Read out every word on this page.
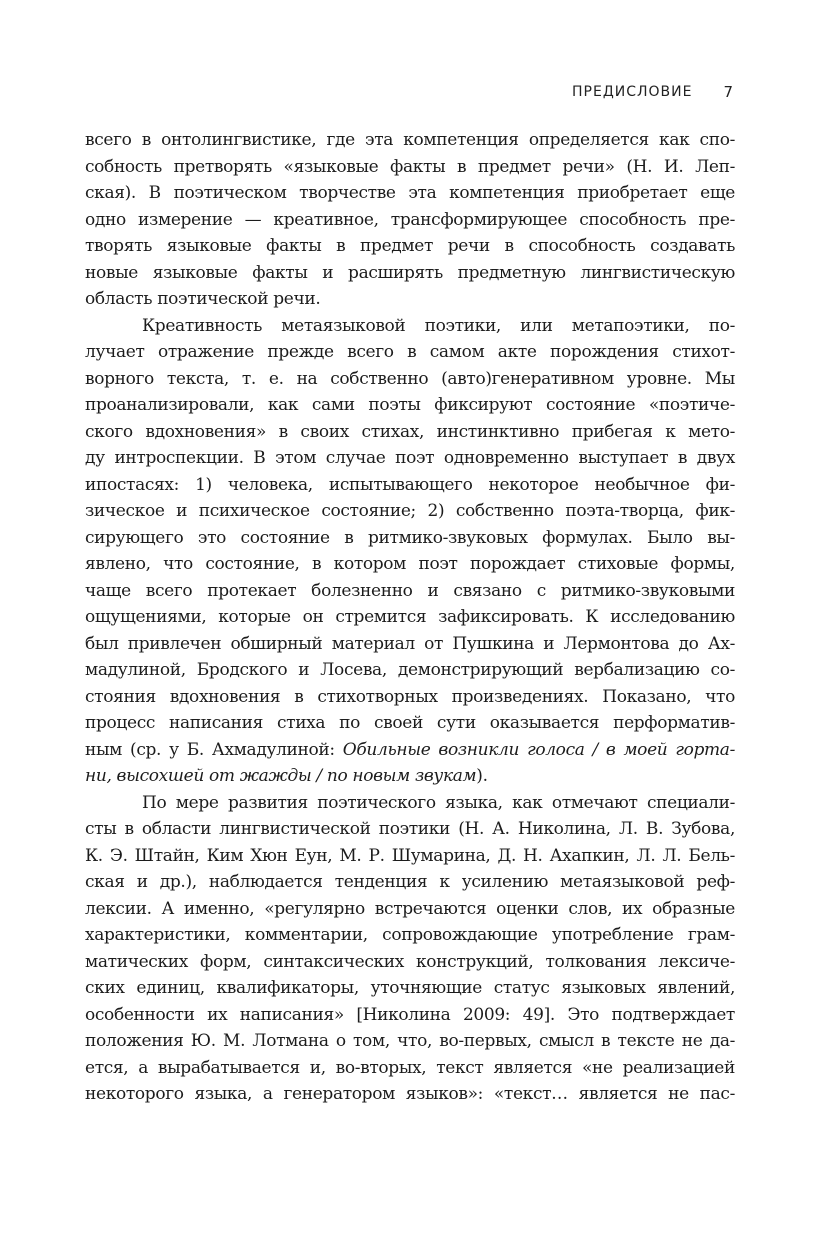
ПРЕДИСЛОВИЕ 7
всего в онтолингвистике, где эта компетенция определяется как спо-
собность претворять «языковые факты в предмет речи» (Н. И. Леп-
ская). В поэтическом творчестве эта компетенция приобретает еще
одно измерение — креативное, трансформирующее способность пре-
творять языковые факты в предмет речи в способность создавать
новые языковые факты и расширять предметную лингвистическую
область поэтической речи.
Креативность метаязыковой поэтики, или метапоэтики, по-
лучает отражение прежде всего в самом акте порождения стихот-
ворного текста, т. е. на собственно (авто)генеративном уровне. Мы
проанализировали, как сами поэты фиксируют состояние «поэтиче-
ского вдохновения» в своих стихах, инстинктивно прибегая к мето-
ду интроспекции. В этом случае поэт одновременно выступает в двух
ипостасях: 1) человека, испытывающего некоторое необычное фи-
зическое и психическое состояние; 2) собственно поэта-творца, фик-
сирующего это состояние в ритмико-звуковых формулах. Было вы-
явлено, что состояние, в котором поэт порождает стиховые формы,
чаще всего протекает болезненно и связано с ритмико-звуковыми
ощущениями, которые он стремится зафиксировать. К исследованию
был привлечен обширный материал от Пушкина и Лермонтова до Ах-
мадулиной, Бродского и Лосева, демонстрирующий вербализацию со-
стояния вдохновения в стихотворных произведениях. Показано, что
процесс написания стиха по своей сути оказывается перформатив-
ным (ср. у Б. Ахмадулиной: Обильные возникли голоса / в моей горта-
ни, высохшей от жажды / по новым звукам).
По мере развития поэтического языка, как отмечают специали-
сты в области лингвистической поэтики (Н. А. Николина, Л. В. Зубова,
К. Э. Штайн, Ким Хюн Еун, М. Р. Шумарина, Д. Н. Ахапкин, Л. Л. Бель-
ская и др.), наблюдается тенденция к усилению метаязыковой реф-
лексии. А именно, «регулярно встречаются оценки слов, их образные
характеристики, комментарии, сопровождающие употребление грам-
матических форм, синтаксических конструкций, толкования лексиче-
ских единиц, квалификаторы, уточняющие статус языковых явлений,
особенности их написания» [Николина 2009: 49]. Это подтверждает
положения Ю. М. Лотмана о том, что, во-первых, смысл в тексте не да-
ется, а вырабатывается и, во-вторых, текст является «не реализацией
некоторого языка, а генератором языков»: «текст… является не пас-
